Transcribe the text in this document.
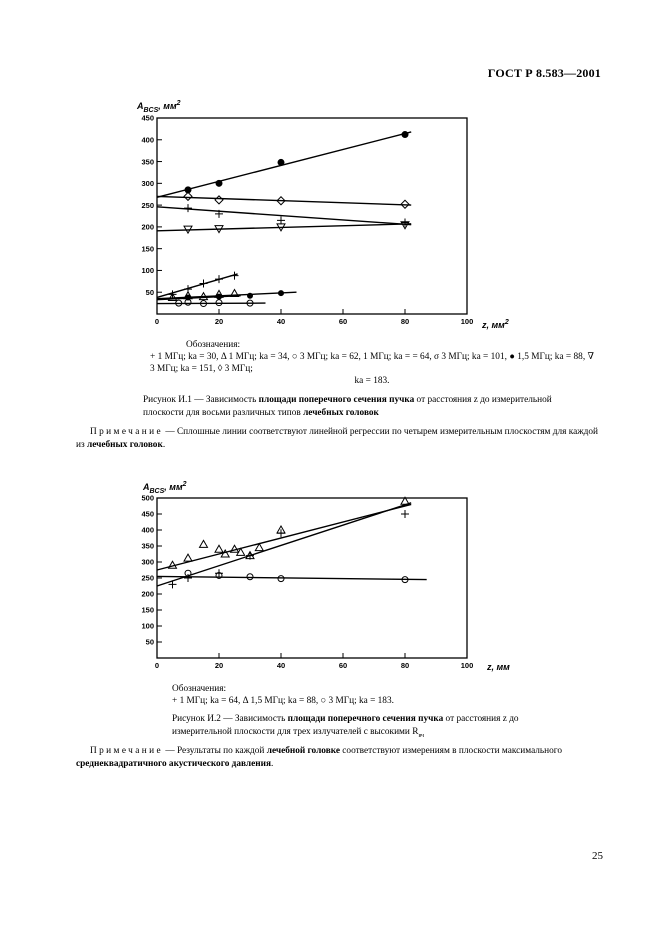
ГОСТ Р 8.583—2001
$A_{BCS}$, $мм^2$
z, $мм^2$
50
100
150
200
250
300
350
400
450
0	20	40	60	80	100
Обозначения:
+ 1 МГц; ka = 30, Δ 1 МГц; ka = 34, ○ 3 МГц; ka = 62, 1 МГц; ka = = 64, σ 3 МГц; ka = 101, ● 1,5 МГц; ka = 88, ∇ 3 МГц; ka = 151, ◊ 3 МГц;
ka = 183.
Рисунок И.1 — Зависимость площади поперечного сечения пучка от расстояния z до измерительной плоскости для восьми различных типов лечебных головок
Примечание — Сплошные линии соответствуют линейной регрессии по четырем измерительным плоскостям для каждой из лечебных головок.
$A_{BCS}$, $мм^2$
z, мм
50
100
150
200
250
300
350
400
450
500
0	20	40	60	80	100
Обозначения:
+ 1 МГц; ka = 64, Δ 1,5 МГц; ka = 88, ○ 3 МГц; ka = 183.
Рисунок И.2 — Зависимость площади поперечного сечения пучка от расстояния z до измерительной плоскости для трех излучателей с высокими $R_{вч}$
Примечание — Результаты по каждой лечебной головке соответствуют измерениям в плоскости максимального среднеквадратичного акустического давления.
25
